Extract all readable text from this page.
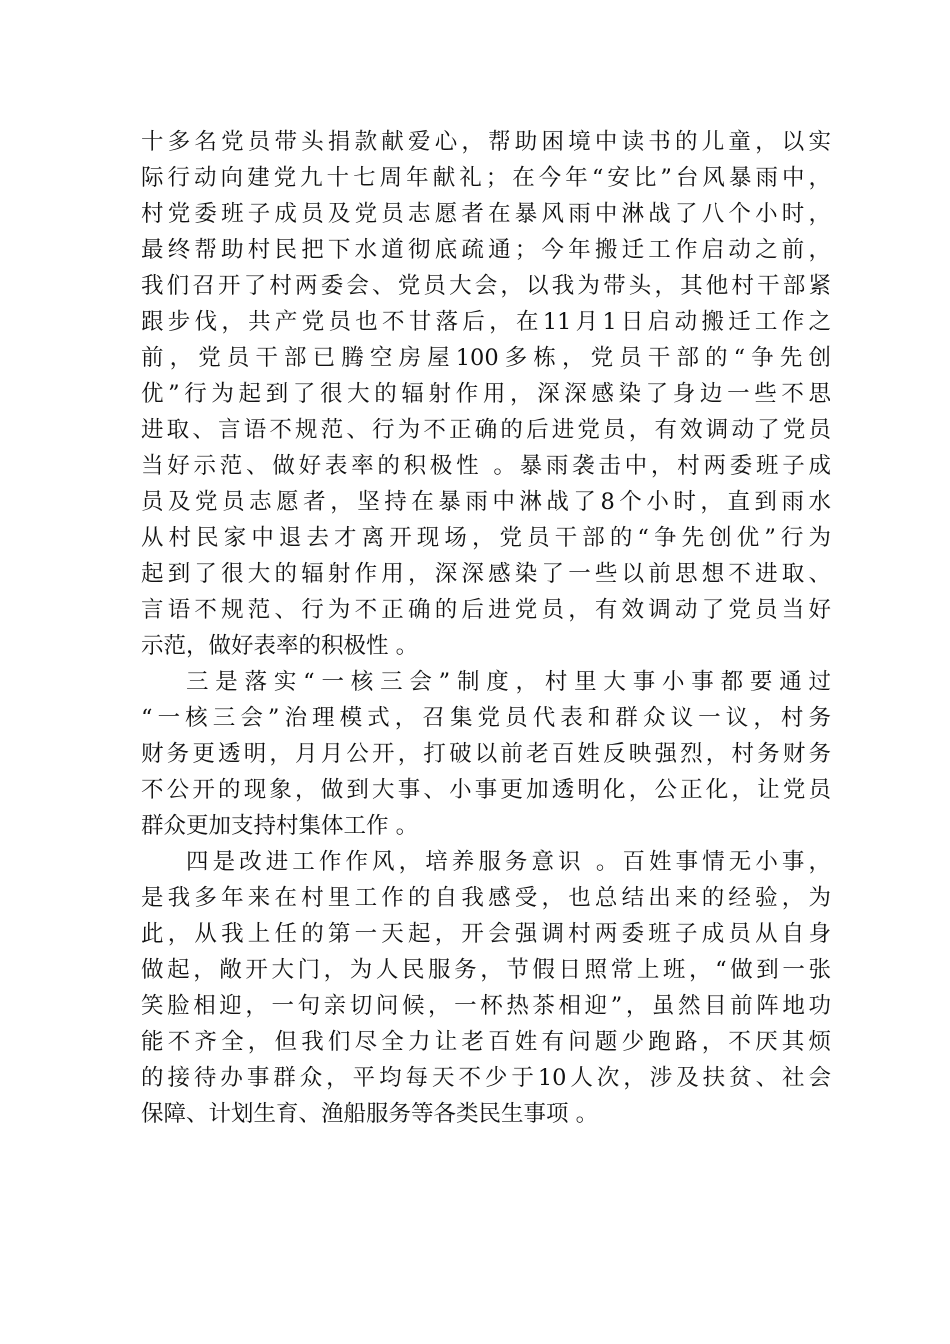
十多名党员带头捐款献爱心，帮助困境中读书的儿童，以实
际行动向建党九十七周年献礼；在今年“安比”台风暴雨中，
村党委班子成员及党员志愿者在暴风雨中淋战了八个小时，
最终帮助村民把下水道彻底疏通；今年搬迁工作启动之前，
我们召开了村两委会、党员大会，以我为带头，其他村干部紧
跟步伐，共产党员也不甘落后，在11月1日启动搬迁工作之
前，党员干部已腾空房屋100多栋，党员干部的“争先创
优”行为起到了很大的辐射作用，深深感染了身边一些不思
进取、言语不规范、行为不正确的后进党员，有效调动了党员
当好示范、做好表率的积极性 。暴雨袭击中，村两委班子成
员及党员志愿者，坚持在暴雨中淋战了8个小时，直到雨水
从村民家中退去才离开现场，党员干部的“争先创优”行为
起到了很大的辐射作用，深深感染了一些以前思想不进取、
言语不规范、行为不正确的后进党员，有效调动了党员当好
示范，做好表率的积极性 。
三是落实“一核三会”制度，村里大事小事都要通过
“一核三会”治理模式，召集党员代表和群众议一议，村务
财务更透明，月月公开，打破以前老百姓反映强烈，村务财务
不公开的现象，做到大事、小事更加透明化，公正化，让党员
群众更加支持村集体工作 。
四是改进工作作风，培养服务意识 。百姓事情无小事，
是我多年来在村里工作的自我感受，也总结出来的经验，为
此，从我上任的第一天起，开会强调村两委班子成员从自身
做起，敞开大门，为人民服务，节假日照常上班，“做到一张
笑脸相迎，一句亲切问候，一杯热茶相迎”，虽然目前阵地功
能不齐全，但我们尽全力让老百姓有问题少跑路，不厌其烦
的接待办事群众，平均每天不少于10人次，涉及扶贫、社会
保障、计划生育、渔船服务等各类民生事项 。
